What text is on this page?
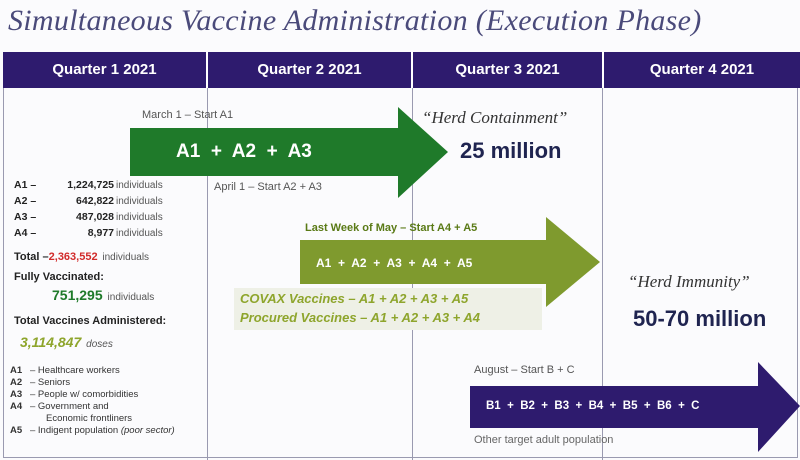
Simultaneous Vaccine Administration (Execution Phase)
Quarter 1 2021	Quarter 2 2021	Quarter 3 2021	Quarter 4 2021
March 1 – Start A1
A1  +  A2  +  A3
April 1 – Start A2 + A3
“Herd Containment”
25 million
Last Week of May – Start A4 + A5
A1  +  A2  +  A3  +  A4  +  A5
COVAX Vaccines – A1 + A2 + A3 + A5
Procured Vaccines – A1 + A2 + A3 + A4
“Herd Immunity”
50-70 million
August – Start B + C
B1  +  B2  +  B3  +  B4  +  B5  +  B6  +  C
Other target adult population
A1 –	1,224,725 individuals
A2 –	642,822 individuals
A3 –	487,028 individuals
A4 –	8,977 individuals
Total –2,363,552 individuals
Fully Vaccinated:
751,295 individuals
Total Vaccines Administered:
3,114,847 doses
A1 – Healthcare workers
A2 – Seniors
A3 – People w/ comorbidities
A4 – Government and
Economic frontliners
A5 – Indigent population (poor sector)
